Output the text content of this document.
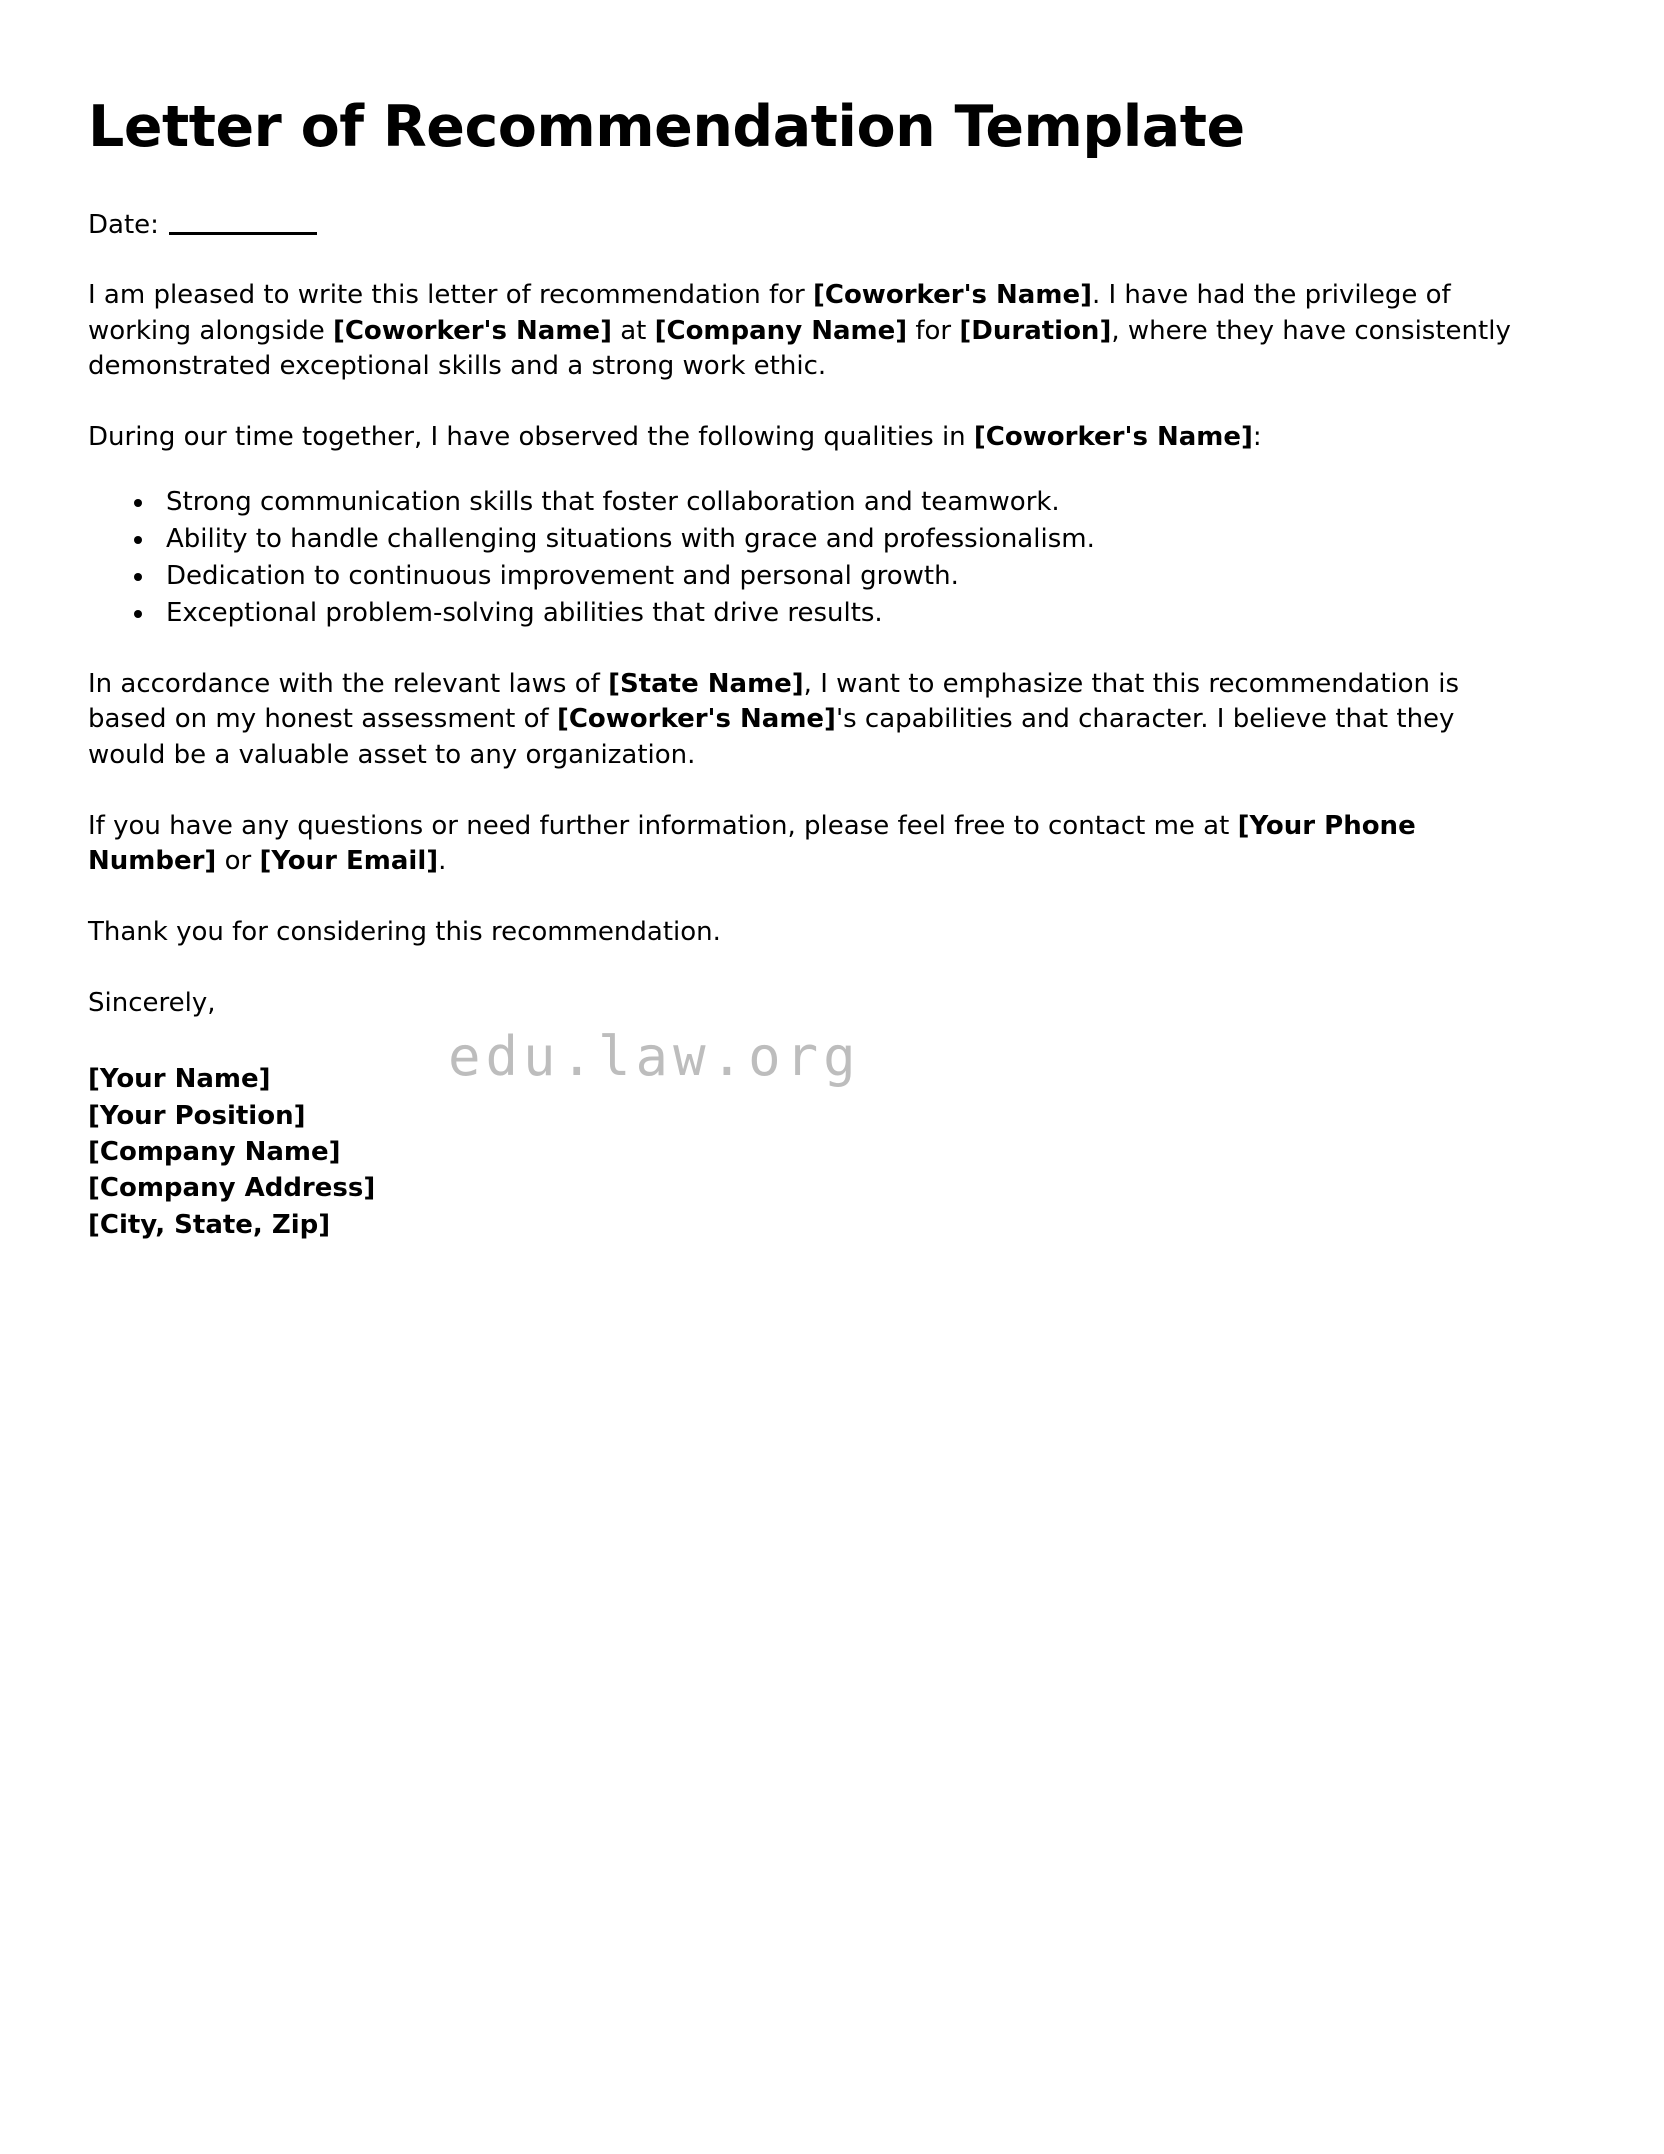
Letter of Recommendation Template
Date:

I am pleased to write this letter of recommendation for [Coworker's Name]. I have had the privilege of working alongside [Coworker's Name] at [Company Name] for [Duration], where they have consistently demonstrated exceptional skills and a strong work ethic.

During our time together, I have observed the following qualities in [Coworker's Name]:

• Strong communication skills that foster collaboration and teamwork.
• Ability to handle challenging situations with grace and professionalism.
• Dedication to continuous improvement and personal growth.
• Exceptional problem-solving abilities that drive results.

In accordance with the relevant laws of [State Name], I want to emphasize that this recommendation is based on my honest assessment of [Coworker's Name]'s capabilities and character. I believe that they would be a valuable asset to any organization.

If you have any questions or need further information, please feel free to contact me at [Your Phone Number] or [Your Email].

Thank you for considering this recommendation.

Sincerely,

[Your Name]
[Your Position]
[Company Name]
[Company Address]
[City, State, Zip]
edu.law.org
